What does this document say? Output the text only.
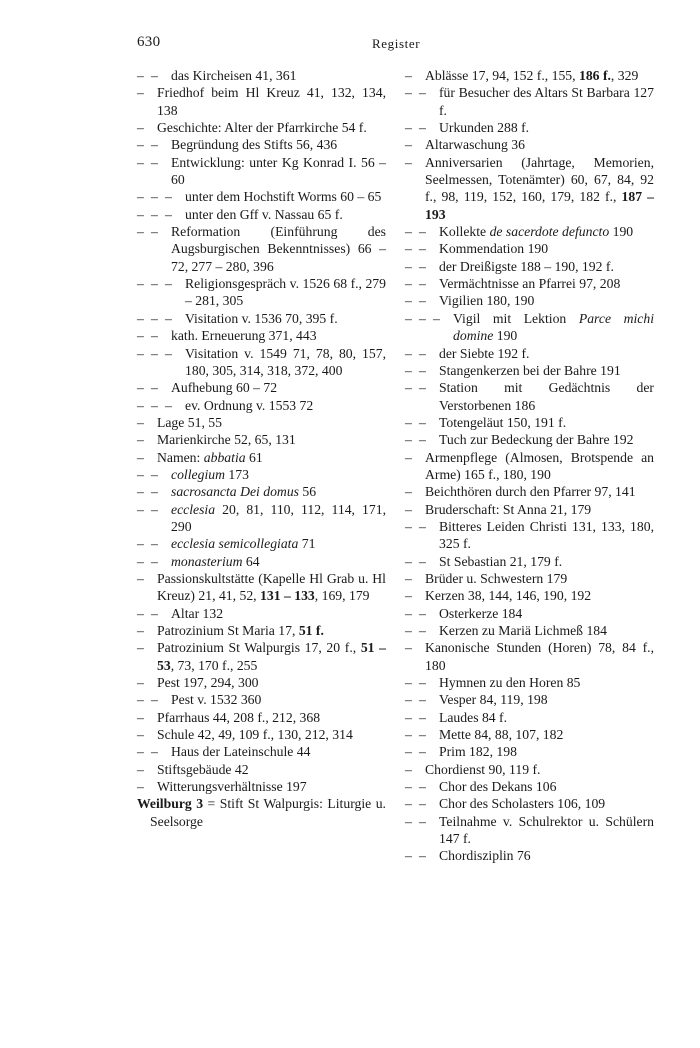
630	Register
– – das Kircheisen 41, 361
– Friedhof beim Hl Kreuz 41, 132, 134, 138
– Geschichte: Alter der Pfarrkirche 54 f.
– – Begründung des Stifts 56, 436
– – Entwicklung: unter Kg Konrad I. 56 – 60
– – – unter dem Hochstift Worms 60 – 65
– – – unter den Gff v. Nassau 65 f.
– – Reformation (Einführung des Augsburgischen Bekenntnisses) 66 – 72, 277 – 280, 396
– – – Religionsgespräch v. 1526 68 f., 279 – 281, 305
– – – Visitation v. 1536 70, 395 f.
– – kath. Erneuerung 371, 443
– – – Visitation v. 1549 71, 78, 80, 157, 180, 305, 314, 318, 372, 400
– – Aufhebung 60 – 72
– – – ev. Ordnung v. 1553 72
– Lage 51, 55
– Marienkirche 52, 65, 131
– Namen: abbatia 61
– – collegium 173
– – sacrosancta Dei domus 56
– – ecclesia 20, 81, 110, 112, 114, 171, 290
– – ecclesia semicollegiata 71
– – monasterium 64
– Passionskultstätte (Kapelle Hl Grab u. Hl Kreuz) 21, 41, 52, 131 – 133, 169, 179
– – Altar 132
– Patrozinium St Maria 17, 51 f.
– Patrozinium St Walpurgis 17, 20 f., 51 – 53, 73, 170 f., 255
– Pest 197, 294, 300
– – Pest v. 1532 360
– Pfarrhaus 44, 208 f., 212, 368
– Schule 42, 49, 109 f., 130, 212, 314
– – Haus der Lateinschule 44
– Stiftsgebäude 42
– Witterungsverhältnisse 197
Weilburg 3 = Stift St Walpurgis: Liturgie u. Seelsorge
– Ablässe 17, 94, 152 f., 155, 186 f., 329
– – für Besucher des Altars St Barbara 127 f.
– – Urkunden 288 f.
– Altarwaschung 36
– Anniversarien (Jahrtage, Memorien, Seelmessen, Totenämter) 60, 67, 84, 92 f., 98, 119, 152, 160, 179, 182 f., 187 – 193
– – Kollekte de sacerdote defuncto 190
– – Kommendation 190
– – der Dreißigste 188 – 190, 192 f.
– – Vermächtnisse an Pfarrei 97, 208
– – Vigilien 180, 190
– – – Vigil mit Lektion Parce michi domine 190
– – der Siebte 192 f.
– – Stangenkerzen bei der Bahre 191
– – Station mit Gedächtnis der Verstorbenen 186
– – Totengeläut 150, 191 f.
– – Tuch zur Bedeckung der Bahre 192
– Armenpflege (Almosen, Brotspende an Arme) 165 f., 180, 190
– Beichthören durch den Pfarrer 97, 141
– Bruderschaft: St Anna 21, 179
– – Bitteres Leiden Christi 131, 133, 180, 325 f.
– – St Sebastian 21, 179 f.
– Brüder u. Schwestern 179
– Kerzen 38, 144, 146, 190, 192
– – Osterkerze 184
– – Kerzen zu Mariä Lichmeß 184
– Kanonische Stunden (Horen) 78, 84 f., 180
– – Hymnen zu den Horen 85
– – Vesper 84, 119, 198
– – Laudes 84 f.
– – Mette 84, 88, 107, 182
– – Prim 182, 198
– Chordienst 90, 119 f.
– – Chor des Dekans 106
– – Chor des Scholasters 106, 109
– – Teilnahme v. Schulrektor u. Schülern 147 f.
– – Chordisziplin 76
